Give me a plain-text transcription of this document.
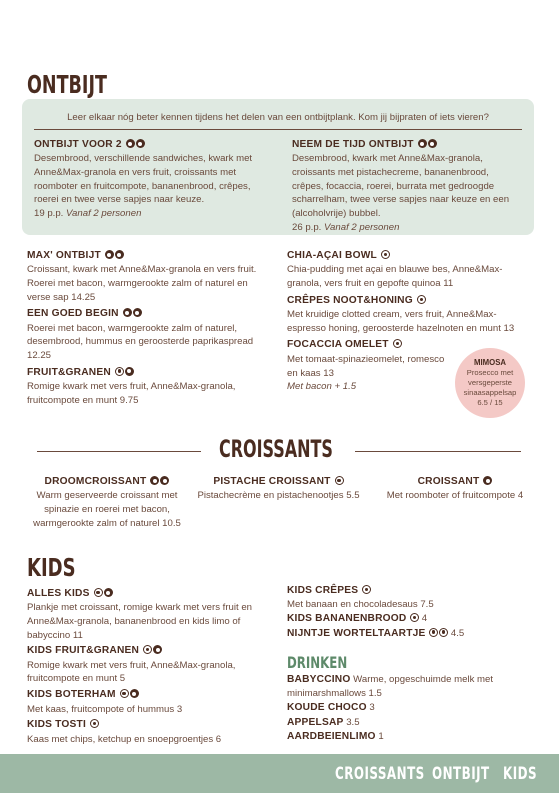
ONTBIJT
Leer elkaar nóg beter kennen tijdens het delen van een ontbijtplank. Kom jij bijpraten of iets vieren?
ONTBIJT VOOR 2
Desembrood, verschillende sandwiches, kwark met Anne&Max-granola en vers fruit, croissants met roomboter en fruitcompote, bananenbrood, crêpes, roerei en twee verse sapjes naar keuze.
19 p.p. Vanaf 2 personen
NEEM DE TIJD ONTBIJT
Desembrood, kwark met Anne&Max-granola, croissants met pistachecreme, bananenbrood, crêpes, focaccia, roerei, burrata met gedroogde scharrelham, twee verse sapjes naar keuze en een (alcoholvrije) bubbel.
26 p.p. Vanaf 2 personen
MAX' ONTBIJT
Croissant, kwark met Anne&Max-granola en vers fruit. Roerei met bacon, warmgerookte zalm of naturel en verse sap 14.25
EEN GOED BEGIN
Roerei met bacon, warmgerookte zalm of naturel, desembrood, hummus en geroosterde paprikaspread 12.25
FRUIT&GRANEN
Romige kwark met vers fruit, Anne&Max-granola, fruitcompote en munt 9.75
CHIA-AÇAI BOWL
Chia-pudding met açai en blauwe bes, Anne&Max-granola, vers fruit en gepofte quinoa 11
CRÊPES NOOT&HONING
Met kruidige clotted cream, vers fruit, Anne&Max-espresso honing, geroosterde hazelnoten en munt 13
FOCACCIA OMELET
Met tomaat-spinazieomelet, romesco en kaas 13
Met bacon + 1.5
MIMOSA
Prosecco met versgeperste sinaasappelsap
6.5 / 15
CROISSANTS
DROOMCROISSANT
Warm geserveerde croissant met spinazie en roerei met bacon, warmgerookte zalm of naturel 10.5
PISTACHE CROISSANT
Pistachecrème en pistachenootjes 5.5
CROISSANT
Met roomboter of fruitcompote 4
KIDS
ALLES KIDS
Plankje met croissant, romige kwark met vers fruit en Anne&Max-granola, bananenbrood en kids limo of babyccino 11
KIDS FRUIT&GRANEN
Romige kwark met vers fruit, Anne&Max-granola, fruitcompote en munt 5
KIDS BOTERHAM
Met kaas, fruitcompote of hummus 3
KIDS TOSTI
Kaas met chips, ketchup en snoepgroentjes 6
KIDS CRÊPES
Met banaan en chocoladesaus 7.5
KIDS BANANENBROOD 4
NIJNTJE WORTELTAARTJE	4.5
DRINKEN
BABYCCINO Warme, opgeschuimde melk met minimarshmallows 1.5
KOUDE CHOCO 3
APPELSAP 3.5
AARDBEIENLIMO 1
CROISSANTS ONTBIJT KIDS
